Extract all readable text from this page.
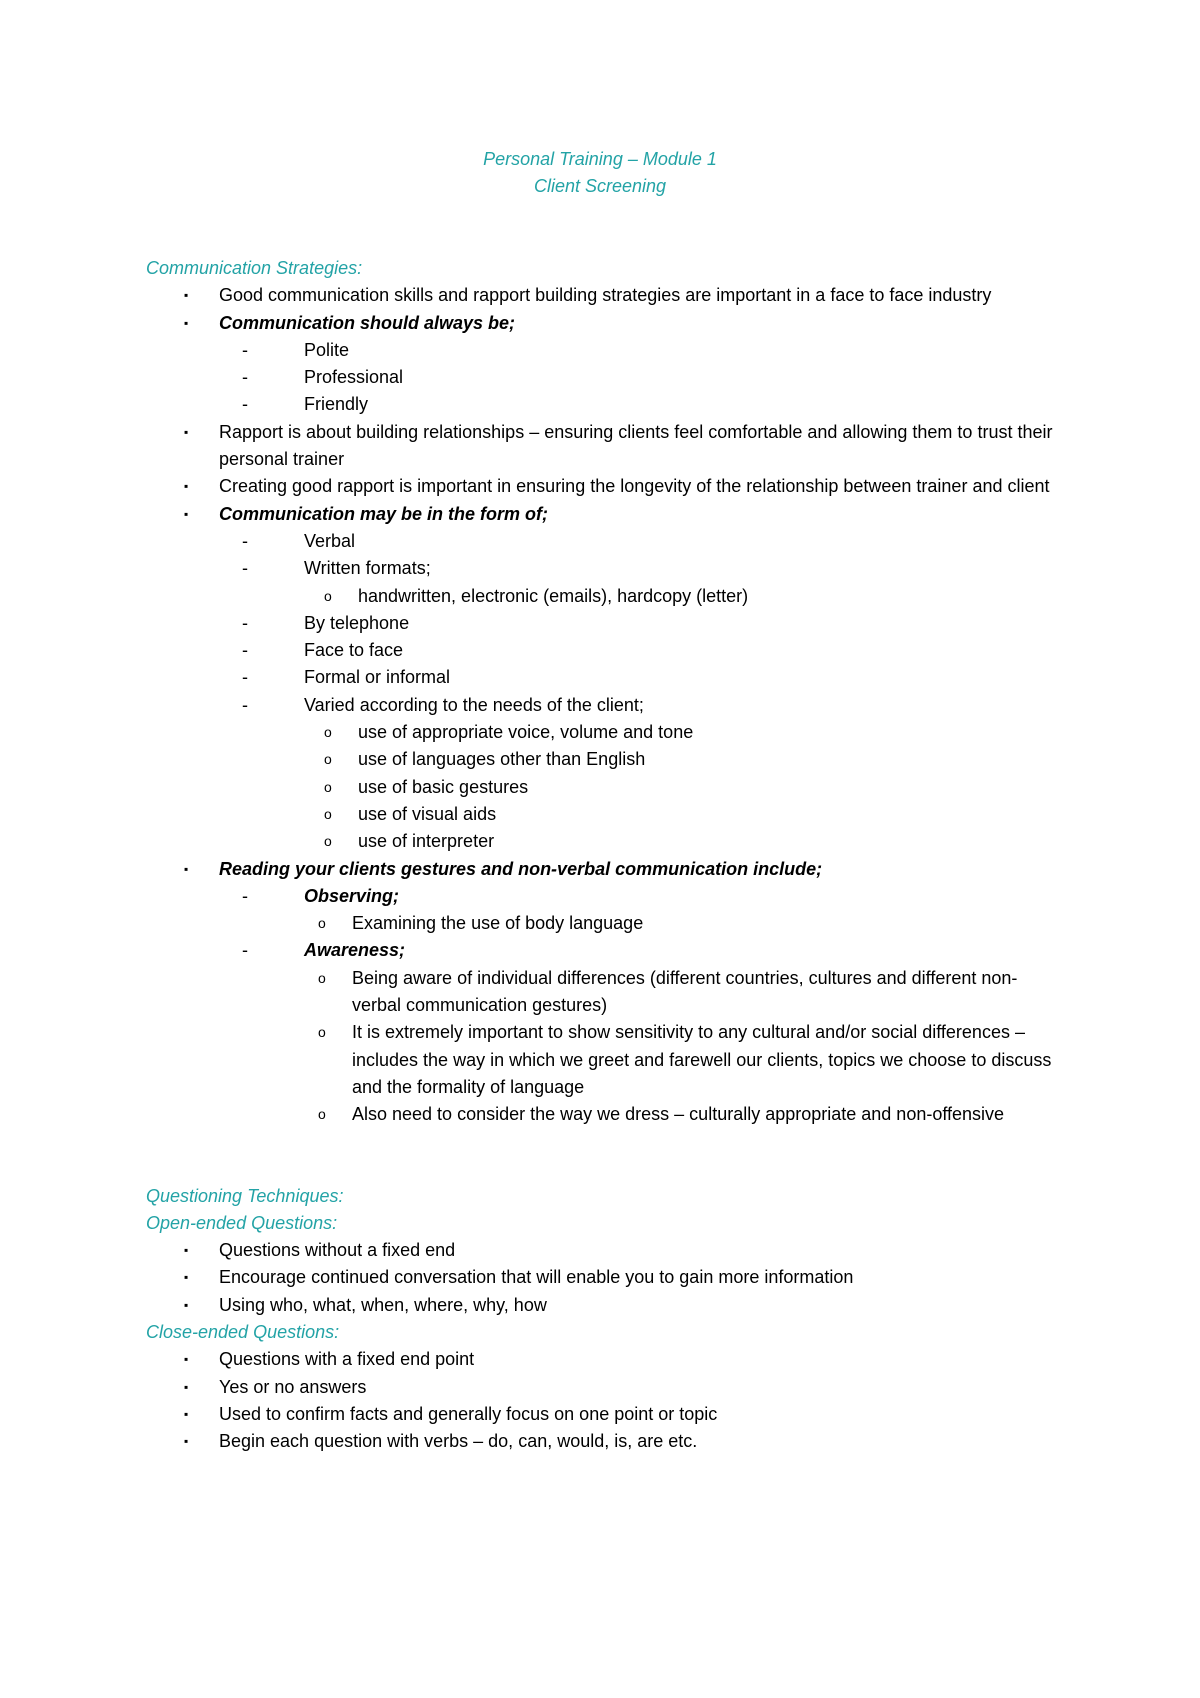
Personal Training – Module 1
Client Screening
Communication Strategies:
▪	Good communication skills and rapport building strategies are important in a face to face industry
▪	Communication should always be;
-	Polite
-	Professional
-	Friendly
▪	Rapport is about building relationships – ensuring clients feel comfortable and allowing them to trust their personal trainer
▪	Creating good rapport is important in ensuring the longevity of the relationship between trainer and client
▪	Communication may be in the form of;
-	Verbal
-	Written formats;
o	handwritten, electronic (emails), hardcopy (letter)
-	By telephone
-	Face to face
-	Formal or informal
-	Varied according to the needs of the client;
o	use of appropriate voice, volume and tone
o	use of languages other than English
o	use of basic gestures
o	use of visual aids
o	use of interpreter
▪	Reading your clients gestures and non-verbal communication include;
-	Observing;
o	Examining the use of body language
-	Awareness;
o	Being aware of individual differences (different countries, cultures and different non-verbal communication gestures)
o	It is extremely important to show sensitivity to any cultural and/or social differences – includes the way in which we greet and farewell our clients, topics we choose to discuss and the formality of language
o	Also need to consider the way we dress – culturally appropriate and non-offensive
Questioning Techniques:
Open-ended Questions:
▪	Questions without a fixed end
▪	Encourage continued conversation that will enable you to gain more information
▪	Using who, what, when, where, why, how
Close-ended Questions:
▪	Questions with a fixed end point
▪	Yes or no answers
▪	Used to confirm facts and generally focus on one point or topic
▪	Begin each question with verbs – do, can, would, is, are etc.
